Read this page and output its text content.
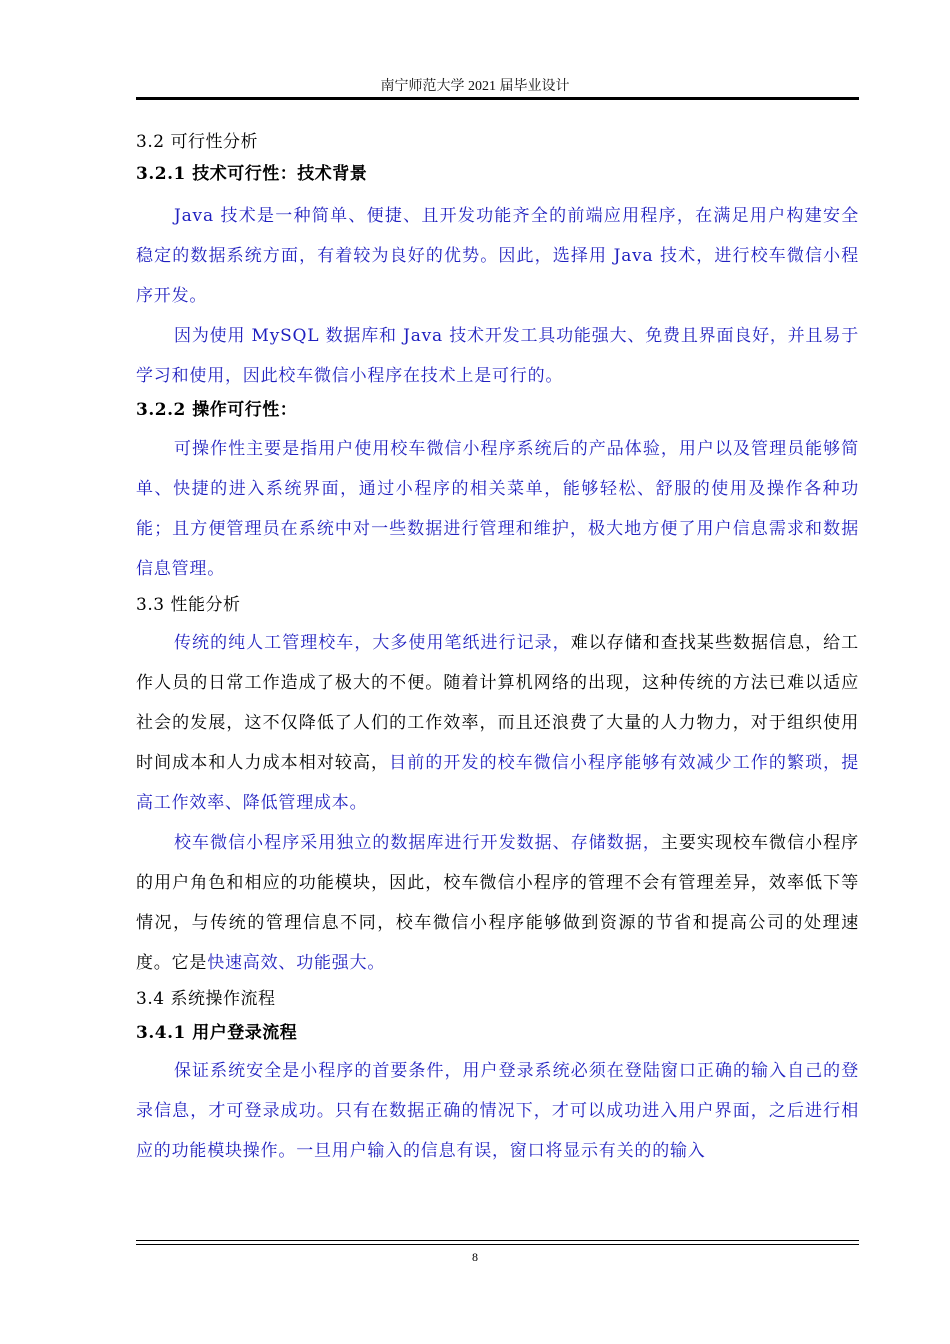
南宁师范大学 2021 届毕业设计
3.2 可行性分析
3.2.1 技术可行性：技术背景

Java 技术是一种简单、便捷、且开发功能齐全的前端应用程序，在满足用户构建安全稳定的数据系统方面，有着较为良好的优势。因此，选择用 Java 技术，进行校车微信小程序开发。

因为使用 MySQL 数据库和 Java 技术开发工具功能强大、免费且界面良好，并且易于学习和使用，因此校车微信小程序在技术上是可行的。

3.2.2 操作可行性：

可操作性主要是指用户使用校车微信小程序系统后的产品体验，用户以及管理员能够简单、快捷的进入系统界面，通过小程序的相关菜单，能够轻松、舒服的使用及操作各种功能；且方便管理员在系统中对一些数据进行管理和维护，极大地方便了用户信息需求和数据信息管理。

3.3 性能分析

传统的纯人工管理校车，大多使用笔纸进行记录，难以存储和查找某些数据信息，给工作人员的日常工作造成了极大的不便。随着计算机网络的出现，这种传统的方法已难以适应社会的发展，这不仅降低了人们的工作效率，而且还浪费了大量的人力物力，对于组织使用时间成本和人力成本相对较高，目前的开发的校车微信小程序能够有效减少工作的繁琐，提高工作效率、降低管理成本。

校车微信小程序采用独立的数据库进行开发数据、存储数据，主要实现校车微信小程序的用户角色和相应的功能模块，因此，校车微信小程序的管理不会有管理差异，效率低下等情况，与传统的管理信息不同，校车微信小程序能够做到资源的节省和提高公司的处理速度。它是快速高效、功能强大。

3.4 系统操作流程
3.4.1 用户登录流程

保证系统安全是小程序的首要条件，用户登录系统必须在登陆窗口正确的输入自己的登录信息，才可登录成功。只有在数据正确的情况下，才可以成功进入用户界面，之后进行相应的功能模块操作。一旦用户输入的信息有误，窗口将显示有关的的输入

8
